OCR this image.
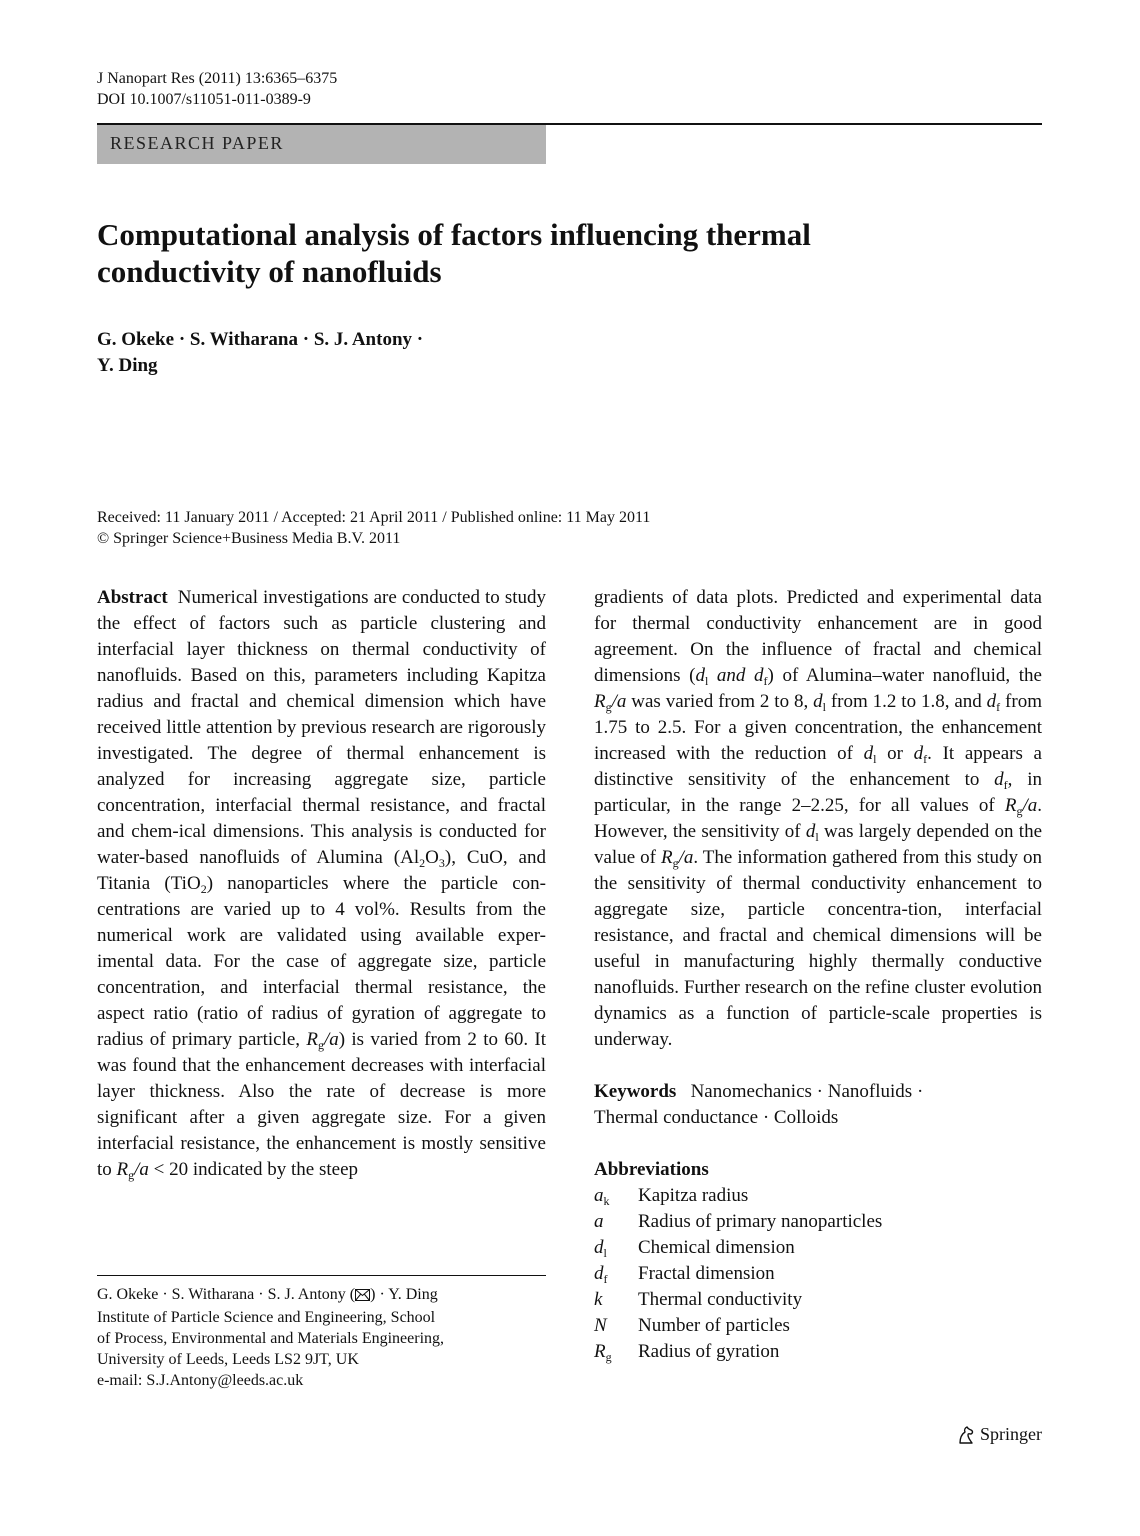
J Nanopart Res (2011) 13:6365–6375
DOI 10.1007/s11051-011-0389-9
RESEARCH PAPER
Computational analysis of factors influencing thermal
conductivity of nanofluids
G. Okeke · S. Witharana · S. J. Antony ·
Y. Ding
Received: 11 January 2011 / Accepted: 21 April 2011 / Published online: 11 May 2011
© Springer Science+Business Media B.V. 2011

Abstract Numerical investigations are conducted to study the effect of factors such as particle clustering and interfacial layer thickness on thermal conductivity of nanofluids. Based on this, parameters including Kapitza radius and fractal and chemical dimension which have received little attention by previous research are rigorously investigated. The degree of thermal enhancement is analyzed for increasing aggregate size, particle concentration, interfacial thermal resistance, and fractal and chem-ical dimensions. This analysis is conducted for water-based nanofluids of Alumina $(Al_2O_3)$, CuO, and Titania (TiO$_2$) nanoparticles where the particle con-centrations are varied up to 4 vol%. Results from the numerical work are validated using available exper-imental data. For the case of aggregate size, particle concentration, and interfacial thermal resistance, the aspect ratio (ratio of radius of gyration of aggregate to radius of primary particle, $R_g/a$) is varied from 2 to 60. It was found that the enhancement decreases with interfacial layer thickness. Also the rate of decrease is more significant after a given aggregate size. For a given interfacial resistance, the enhancement is mostly sensitive to $R_g/a < 20$ indicated by the steep

G. Okeke · S. Witharana · S. J. Antony ( ) · Y. Ding
Institute of Particle Science and Engineering, School
of Process, Environmental and Materials Engineering,
University of Leeds, Leeds LS2 9JT, UK
e-mail: S.J.Antony@leeds.ac.uk

gradients of data plots. Predicted and experimental data for thermal conductivity enhancement are in good agreement. On the influence of fractal and chemical dimensions ($d_l$ and $d_f$) of Alumina–water nanofluid, the $R_g/a$ was varied from 2 to 8, $d_l$ from 1.2 to 1.8, and $d_f$ from 1.75 to 2.5. For a given concentration, the enhancement increased with the reduction of $d_l$ or $d_f$. It appears a distinctive sensitivity of the enhancement to $d_f$, in particular, in the range 2–2.25, for all values of $R_g/a$. However, the sensitivity of $d_l$ was largely depended on the value of $R_g/a$. The information gathered from this study on the sensitivity of thermal conductivity enhancement to aggregate size, particle concentra-tion, interfacial resistance, and fractal and chemical dimensions will be useful in manufacturing highly thermally conductive nanofluids. Further research on the refine cluster evolution dynamics as a function of particle-scale properties is underway.

Keywords Nanomechanics · Nanofluids ·
Thermal conductance · Colloids

Abbreviations

$a_k$	Kapitza radius
a	Radius of primary nanoparticles
$d_l$	Chemical dimension
$d_f$	Fractal dimension
k	Thermal conductivity
N	Number of particles
$R_g$	Radius of gyration
Springer
